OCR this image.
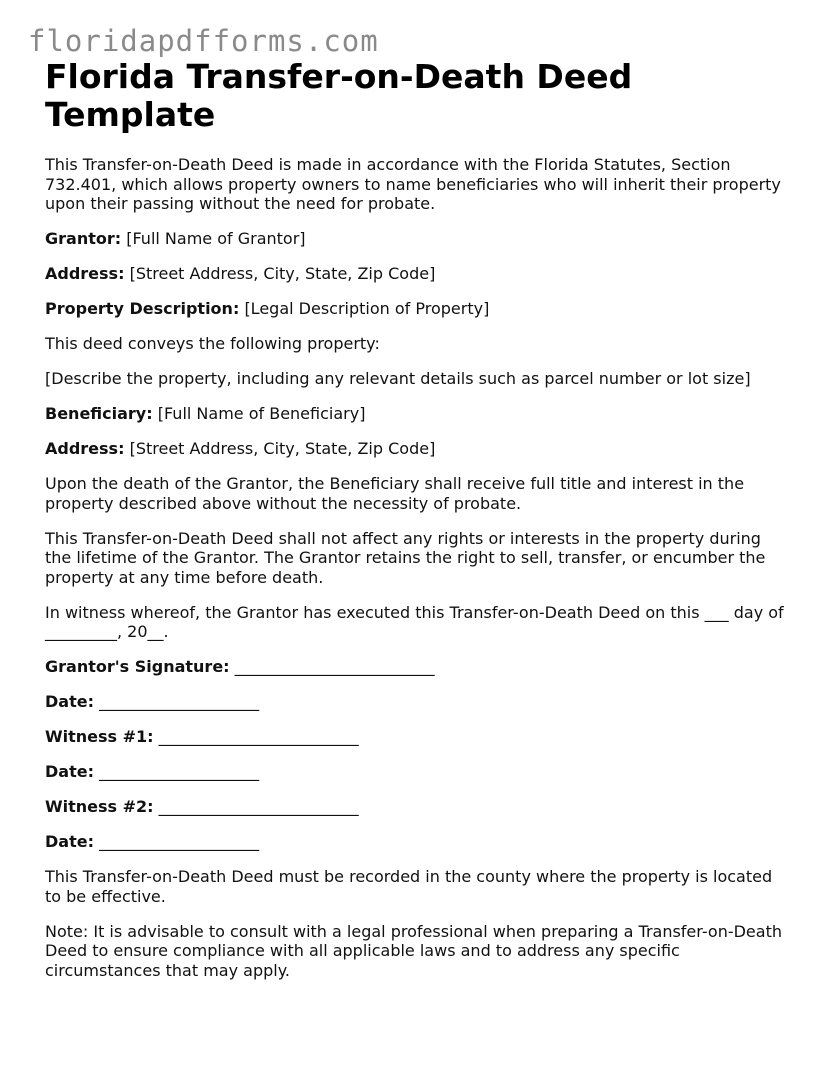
floridapdfforms.com
Florida Transfer-on-Death Deed Template

This Transfer-on-Death Deed is made in accordance with the Florida Statutes, Section 732.401, which allows property owners to name beneficiaries who will inherit their property upon their passing without the need for probate.

Grantor: [Full Name of Grantor]

Address: [Street Address, City, State, Zip Code]

Property Description: [Legal Description of Property]

This deed conveys the following property:

[Describe the property, including any relevant details such as parcel number or lot size]

Beneficiary: [Full Name of Beneficiary]

Address: [Street Address, City, State, Zip Code]

Upon the death of the Grantor, the Beneficiary shall receive full title and interest in the property described above without the necessity of probate.

This Transfer-on-Death Deed shall not affect any rights or interests in the property during the lifetime of the Grantor. The Grantor retains the right to sell, transfer, or encumber the property at any time before death.

In witness whereof, the Grantor has executed this Transfer-on-Death Deed on this ___ day of _________, 20__.

Grantor's Signature: _________________________

Date: ____________________

Witness #1: _________________________

Date: ____________________

Witness #2: _________________________

Date: ____________________

This Transfer-on-Death Deed must be recorded in the county where the property is located to be effective.

Note: It is advisable to consult with a legal professional when preparing a Transfer-on-Death Deed to ensure compliance with all applicable laws and to address any specific circumstances that may apply.
